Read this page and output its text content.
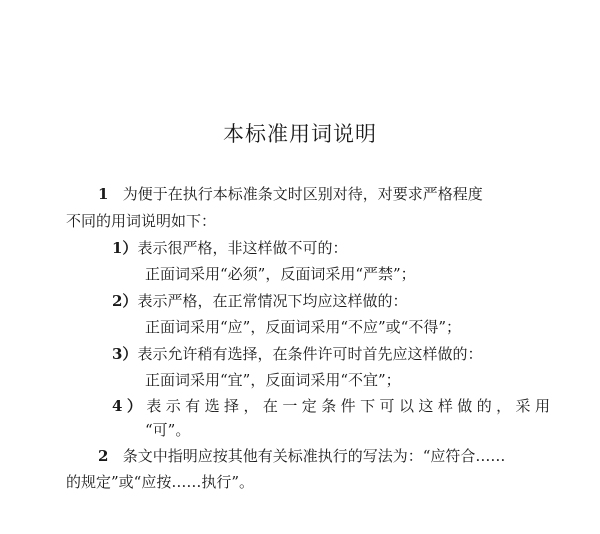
本标准用词说明
1 为便于在执行本标准条文时区别对待，对要求严格程度
不同的用词说明如下：
1）表示很严格，非这样做不可的：
正面词采用“必须”，反面词采用“严禁”；
2）表示严格，在正常情况下均应这样做的：
正面词采用“应”，反面词采用“不应”或“不得”；
3）表示允许稍有选择，在条件许可时首先应这样做的：
正面词采用“宜”，反面词采用“不宜”；
4）表示有选择，在一定条件下可以这样做的，采用
“可”。
2 条文中指明应按其他有关标准执行的写法为：“应符合……
的规定”或“应按……执行”。
